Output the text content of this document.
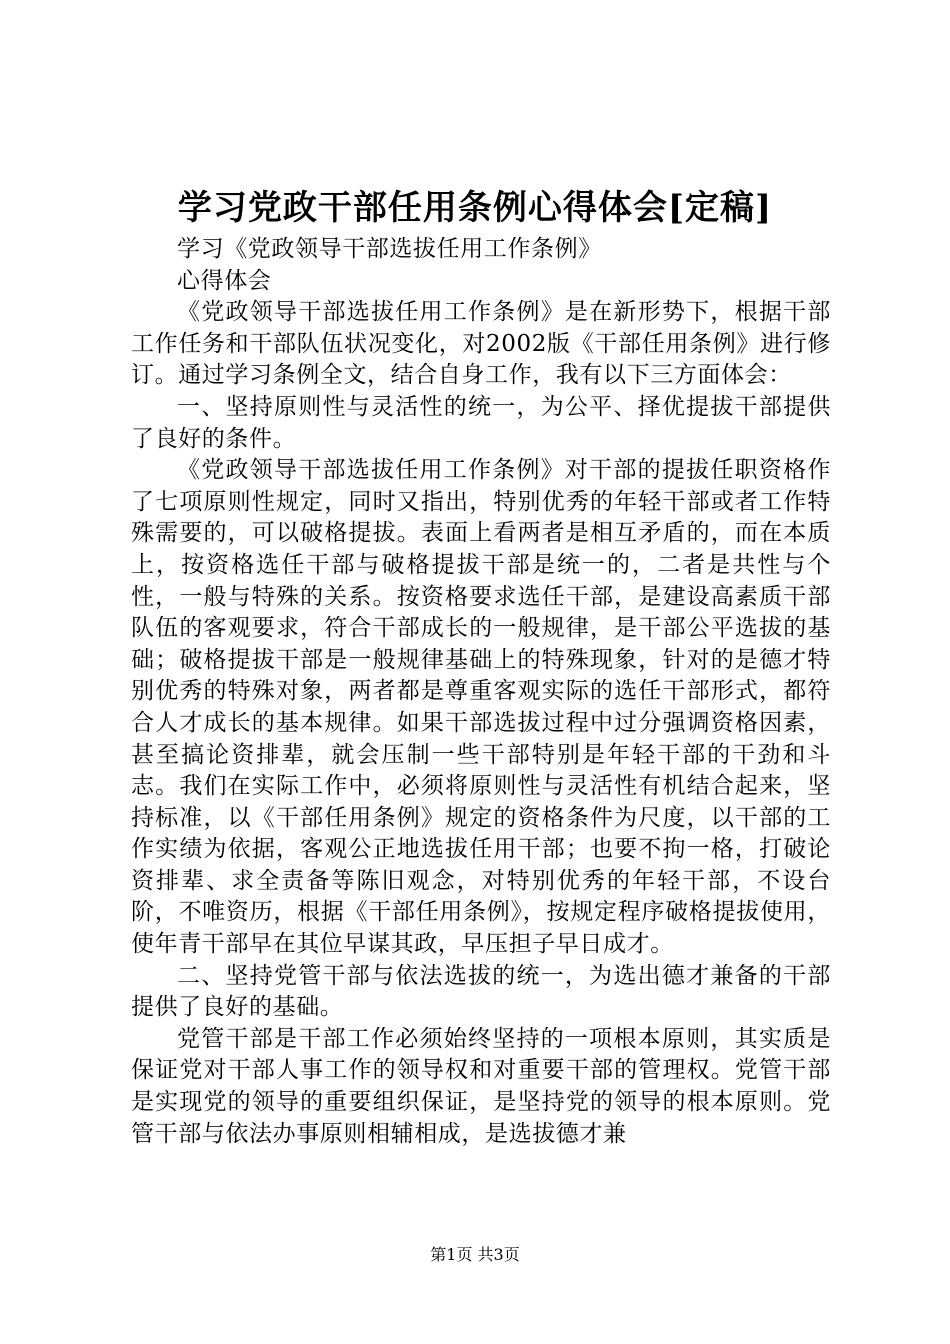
学习党政干部任用条例心得体会[定稿]

学习《党政领导干部选拔任用工作条例》

心得体会

《党政领导干部选拔任用工作条例》是在新形势下，根据干部工作任务和干部队伍状况变化，对2002版《干部任用条例》进行修订。通过学习条例全文，结合自身工作，我有以下三方面体会：

一、坚持原则性与灵活性的统一，为公平、择优提拔干部提供了良好的条件。

《党政领导干部选拔任用工作条例》对干部的提拔任职资格作了七项原则性规定，同时又指出，特别优秀的年轻干部或者工作特殊需要的，可以破格提拔。表面上看两者是相互矛盾的，而在本质上，按资格选任干部与破格提拔干部是统一的，二者是共性与个性，一般与特殊的关系。按资格要求选任干部，是建设高素质干部队伍的客观要求，符合干部成长的一般规律，是干部公平选拔的基础；破格提拔干部是一般规律基础上的特殊现象，针对的是德才特别优秀的特殊对象，两者都是尊重客观实际的选任干部形式，都符合人才成长的基本规律。如果干部选拔过程中过分强调资格因素，甚至搞论资排辈，就会压制一些干部特别是年轻干部的干劲和斗志。我们在实际工作中，必须将原则性与灵活性有机结合起来，坚持标准，以《干部任用条例》规定的资格条件为尺度，以干部的工作实绩为依据，客观公正地选拔任用干部；也要不拘一格，打破论资排辈、求全责备等陈旧观念，对特别优秀的年轻干部，不设台阶，不唯资历，根据《干部任用条例》，按规定程序破格提拔使用，使年青干部早在其位早谋其政，早压担子早日成才。

二、坚持党管干部与依法选拔的统一，为选出德才兼备的干部提供了良好的基础。

党管干部是干部工作必须始终坚持的一项根本原则，其实质是保证党对干部人事工作的领导权和对重要干部的管理权。党管干部是实现党的领导的重要组织保证，是坚持党的领导的根本原则。党管干部与依法办事原则相辅相成，是选拔德才兼

第1页 共3页
